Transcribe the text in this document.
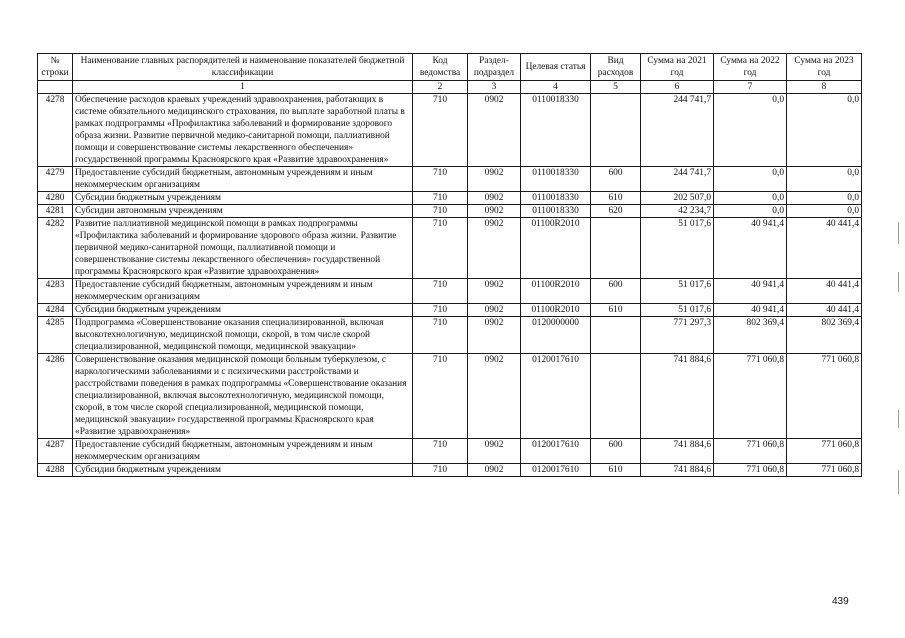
№ строки	Наименование главных распорядителей и наименование показателей бюджетной классификации	Код ведомства	Раздел-подраздел	Целевая статья	Вид расходов	Сумма на 2021 год	Сумма на 2022 год	Сумма на 2023 год
	1	2	3	4	5	6	7	8
4278	Обеспечение расходов краевых учреждений здравоохранения, работающих в системе обязательного медицинского страхования, по выплате заработной платы в рамках подпрограммы «Профилактика заболеваний и формирование здорового образа жизни. Развитие первичной медико-санитарной помощи, паллиативной помощи и совершенствование системы лекарственного обеспечения» государственной программы Красноярского края «Развитие здравоохранения»	710	0902	0110018330		244 741,7	0,0	0,0
4279	Предоставление субсидий бюджетным, автономным учреждениям и иным некоммерческим организациям	710	0902	0110018330	600	244 741,7	0,0	0,0
4280	Субсидии бюджетным учреждениям	710	0902	0110018330	610	202 507,0	0,0	0,0
4281	Субсидии автономным учреждениям	710	0902	0110018330	620	42 234,7	0,0	0,0
4282	Развитие паллиативной медицинской помощи в рамках подпрограммы «Профилактика заболеваний и формирование здорового образа жизни. Развитие первичной медико-санитарной помощи, паллиативной помощи и совершенствование системы лекарственного обеспечения» государственной программы Красноярского края «Развитие здравоохранения»	710	0902	01100R2010		51 017,6	40 941,4	40 441,4
4283	Предоставление субсидий бюджетным, автономным учреждениям и иным некоммерческим организациям	710	0902	01100R2010	600	51 017,6	40 941,4	40 441,4
4284	Субсидии бюджетным учреждениям	710	0902	01100R2010	610	51 017,6	40 941,4	40 441,4
4285	Подпрограмма «Совершенствование оказания специализированной, включая высокотехнологичную, медицинской помощи, скорой, в том числе скорой специализированной, медицинской помощи, медицинской эвакуации»	710	0902	0120000000		771 297,3	802 369,4	802 369,4
4286	Совершенствование оказания медицинской помощи больным туберкулезом, с наркологическими заболеваниями и с психическими расстройствами и расстройствами поведения в рамках подпрограммы «Совершенствование оказания специализированной, включая высокотехнологичную, медицинской помощи, скорой, в том числе скорой специализированной, медицинской помощи, медицинской эвакуации» государственной программы Красноярского края «Развитие здравоохранения»	710	0902	0120017610		741 884,6	771 060,8	771 060,8
4287	Предоставление субсидий бюджетным, автономным учреждениям и иным некоммерческим организациям	710	0902	0120017610	600	741 884,6	771 060,8	771 060,8
4288	Субсидии бюджетным учреждениям	710	0902	0120017610	610	741 884,6	771 060,8	771 060,8
439
